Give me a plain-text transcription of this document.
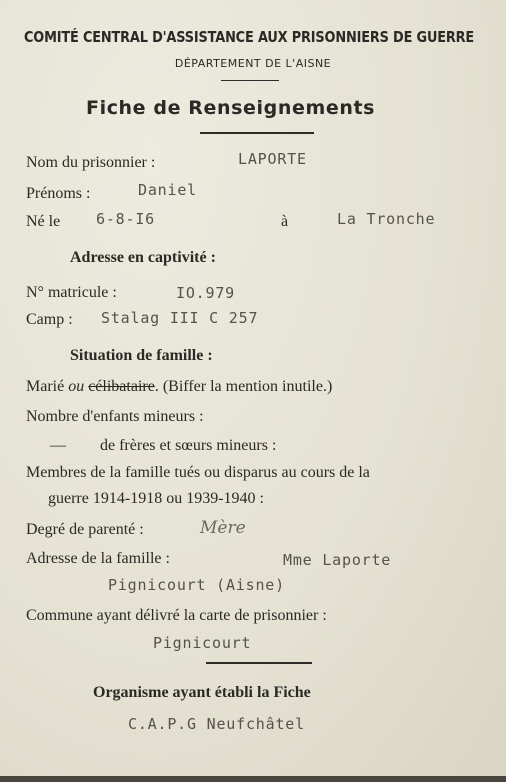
COMITÉ CENTRAL D'ASSISTANCE AUX PRISONNIERS DE GUERRE
DÉPARTEMENT DE L'AISNE
Fiche de Renseignements
Nom du prisonnier :	LAPORTE
Prénoms :	Daniel
Né le 6-8-I6	à	La Tronche
Adresse en captivité :
N° matricule :	IO.979
Camp : Stalag III C 257
Situation de famille :
Marié ou célibataire. (Biffer la mention inutile.)
Nombre d'enfants mineurs :
— de frères et sœurs mineurs :
Membres de la famille tués ou disparus au cours de la
guerre 1914-1918 ou 1939-1940 :
Degré de parenté :	Mère
Adresse de la famille :	Mme Laporte
Pignicourt (Aisne)
Commune ayant délivré la carte de prisonnier :
Pignicourt
Organisme ayant établi la Fiche
C.A.P.G Neufchâtel
